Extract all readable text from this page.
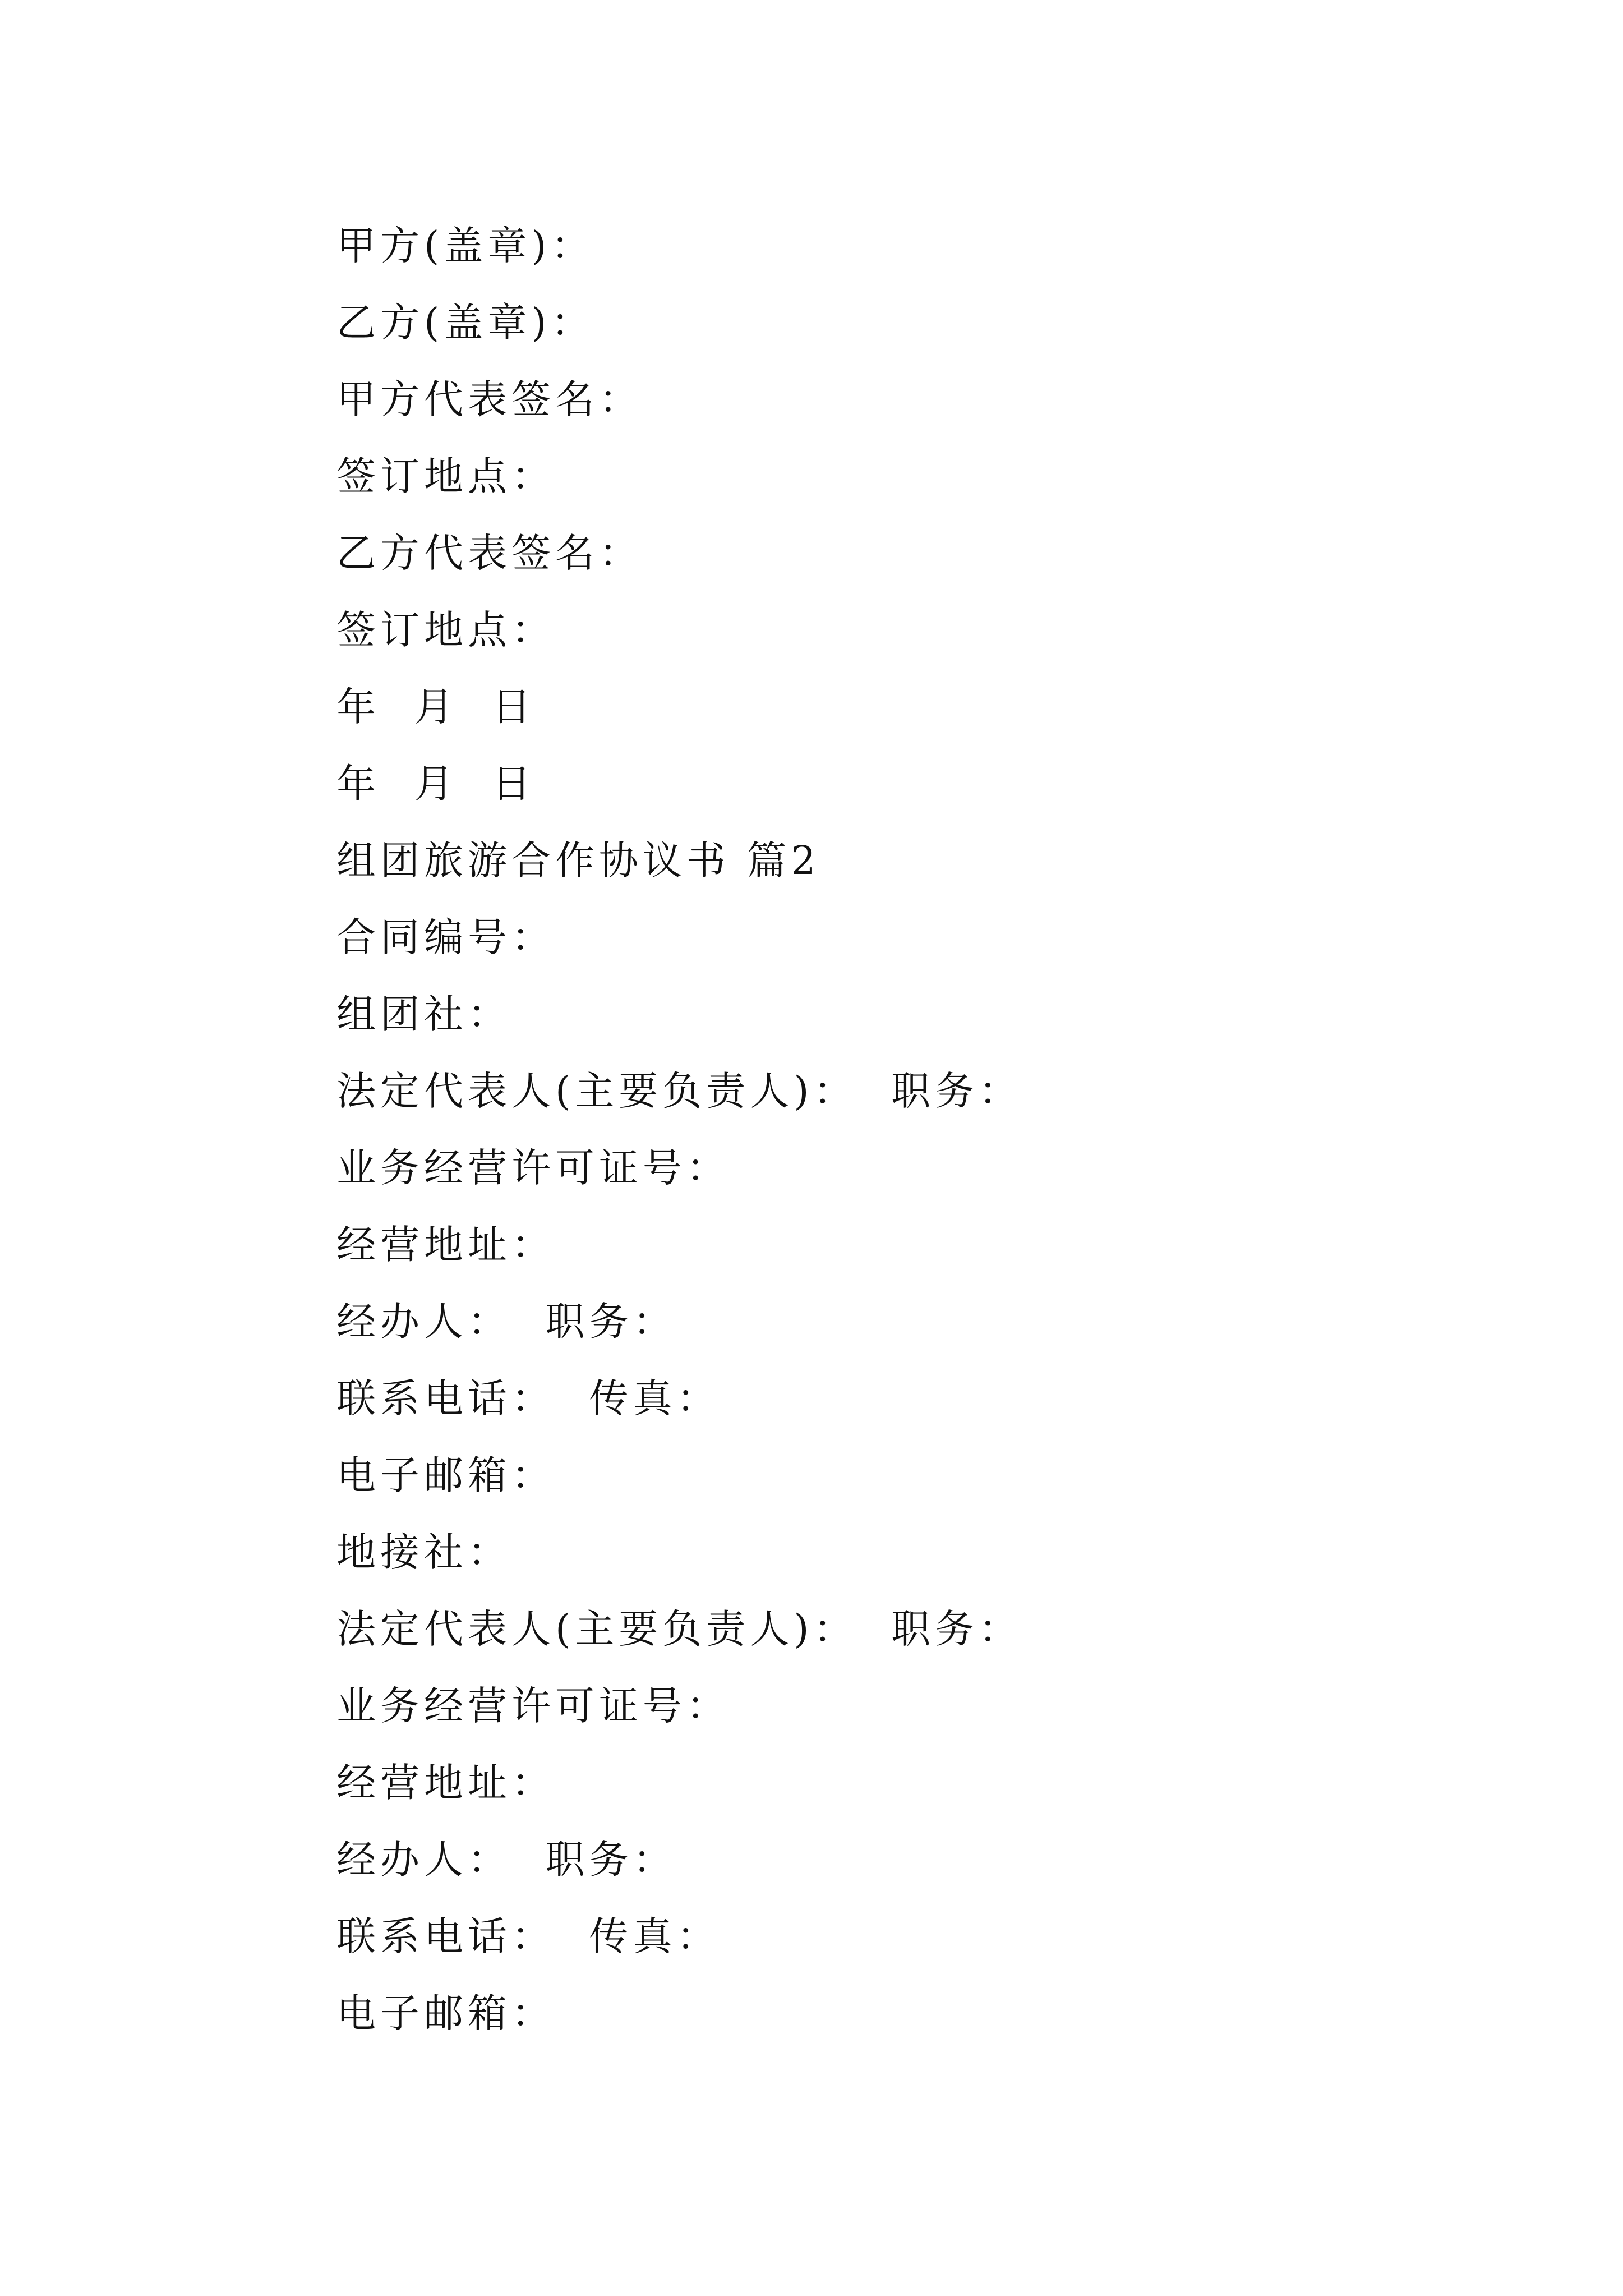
甲方(盖章)：
乙方(盖章)：
甲方代表签名：
签订地点：
乙方代表签名：
签订地点：
年  月  日
年  月  日
组团旅游合作协议书 篇2
合同编号：
组团社：
法定代表人(主要负责人)：  职务：
业务经营许可证号：
经营地址：
经办人：  职务：
联系电话：  传真：
电子邮箱：
地接社：
法定代表人(主要负责人)：  职务：
业务经营许可证号：
经营地址：
经办人：  职务：
联系电话：  传真：
电子邮箱：
